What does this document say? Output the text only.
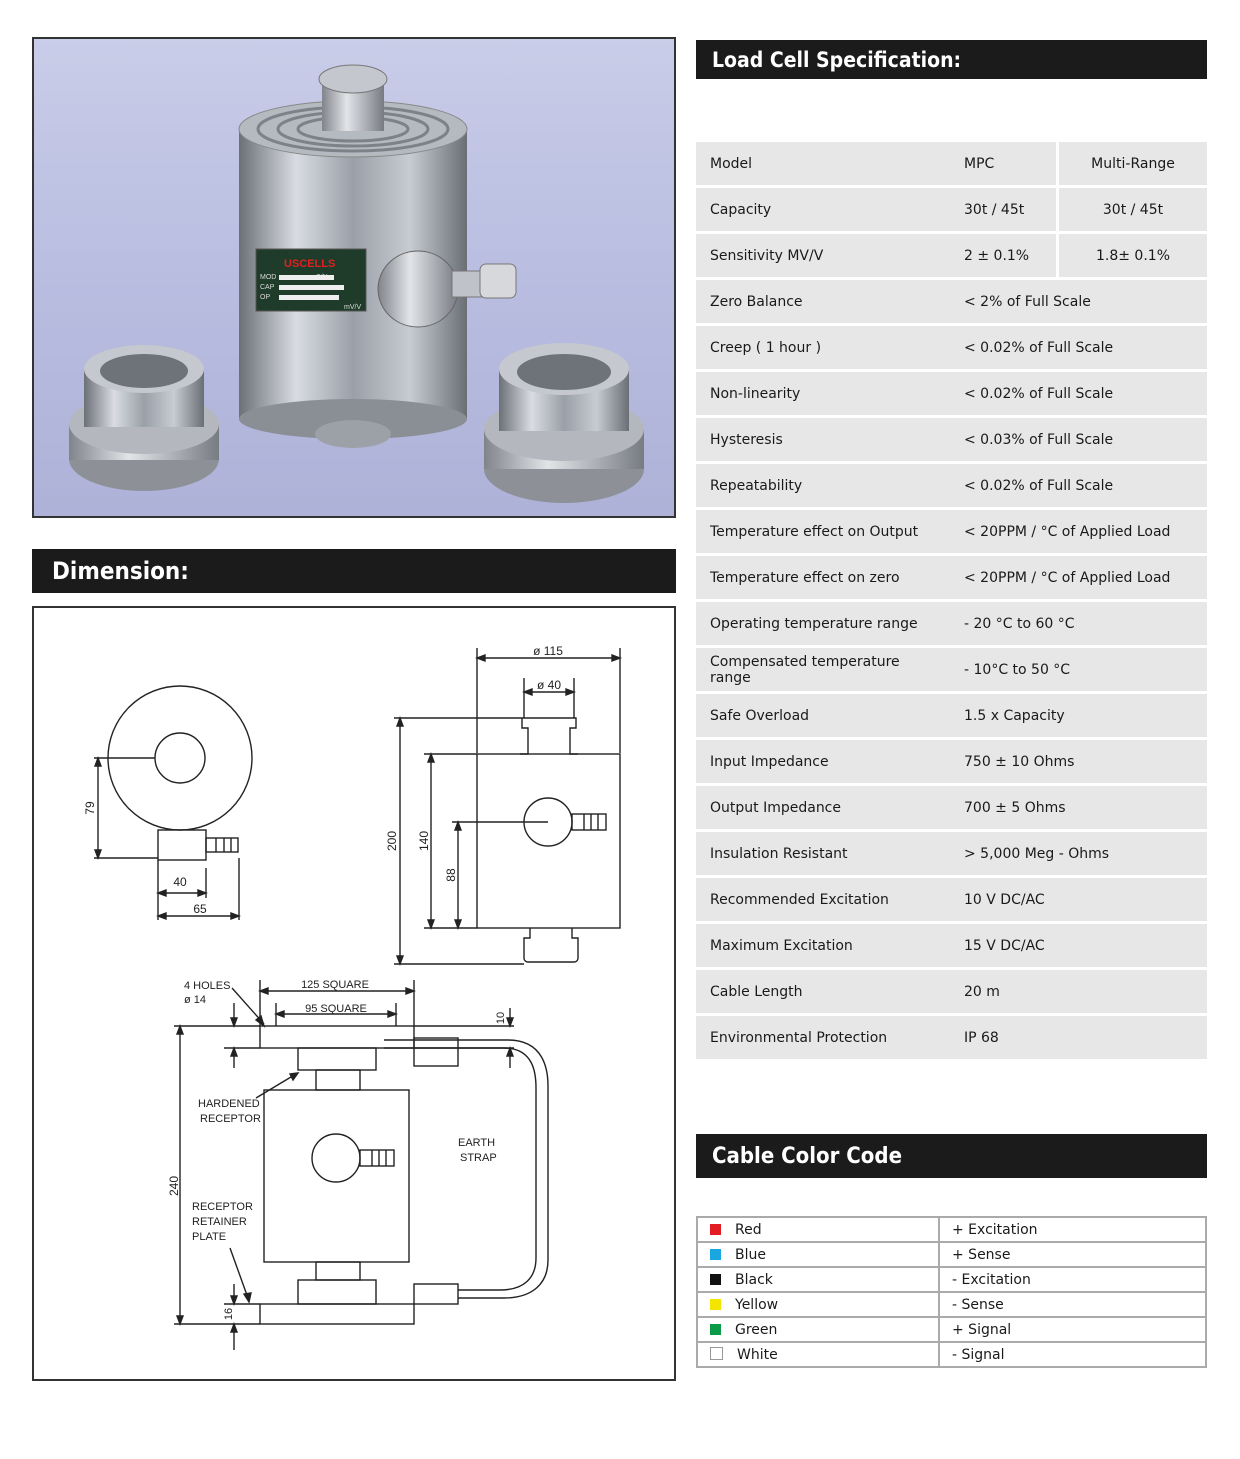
USCELLS
MOD
CAP
OP
mV/V
Dimension:
79
40
65
ø 115
ø 40
200 140
88
4 HOLES
ø 14
125 SQUARE
95 SQUARE
10
EARTH
STRAP
HARDENED
RECEPTOR
RECEPTOR
RETAINER
PLATE
240
16
Load Cell Specification:
Model	MPC	Multi-Range
Capacity	30t / 45t	30t / 45t
Sensitivity MV/V	2 ± 0.1%	1.8± 0.1%
Zero Balance	< 2% of Full Scale	
Creep ( 1 hour )	< 0.02% of Full Scale	
Non-linearity	< 0.02% of Full Scale	
Hysteresis	< 0.03% of Full Scale	
Repeatability	< 0.02% of Full Scale	
Temperature effect on Output	< 20PPM / °C of Applied Load	
Temperature effect on zero	< 20PPM / °C of Applied Load	
Operating temperature range	- 20 °C to 60 °C	
Compensated temperature range	- 10°C to 50 °C	
Safe Overload	1.5 x Capacity	
Input Impedance	750 ± 10 Ohms	
Output Impedance	700 ± 5 Ohms	
Insulation Resistant	> 5,000 Meg - Ohms	
Recommended Excitation	10 V DC/AC	
Maximum Excitation	15 V DC/AC	
Cable Length	20 m	
Environmental Protection	IP 68	
Cable Color Code
Red	+ Excitation
Blue	+ Sense
Black	- Excitation
Yellow	- Sense
Green	+ Signal
White	- Signal
